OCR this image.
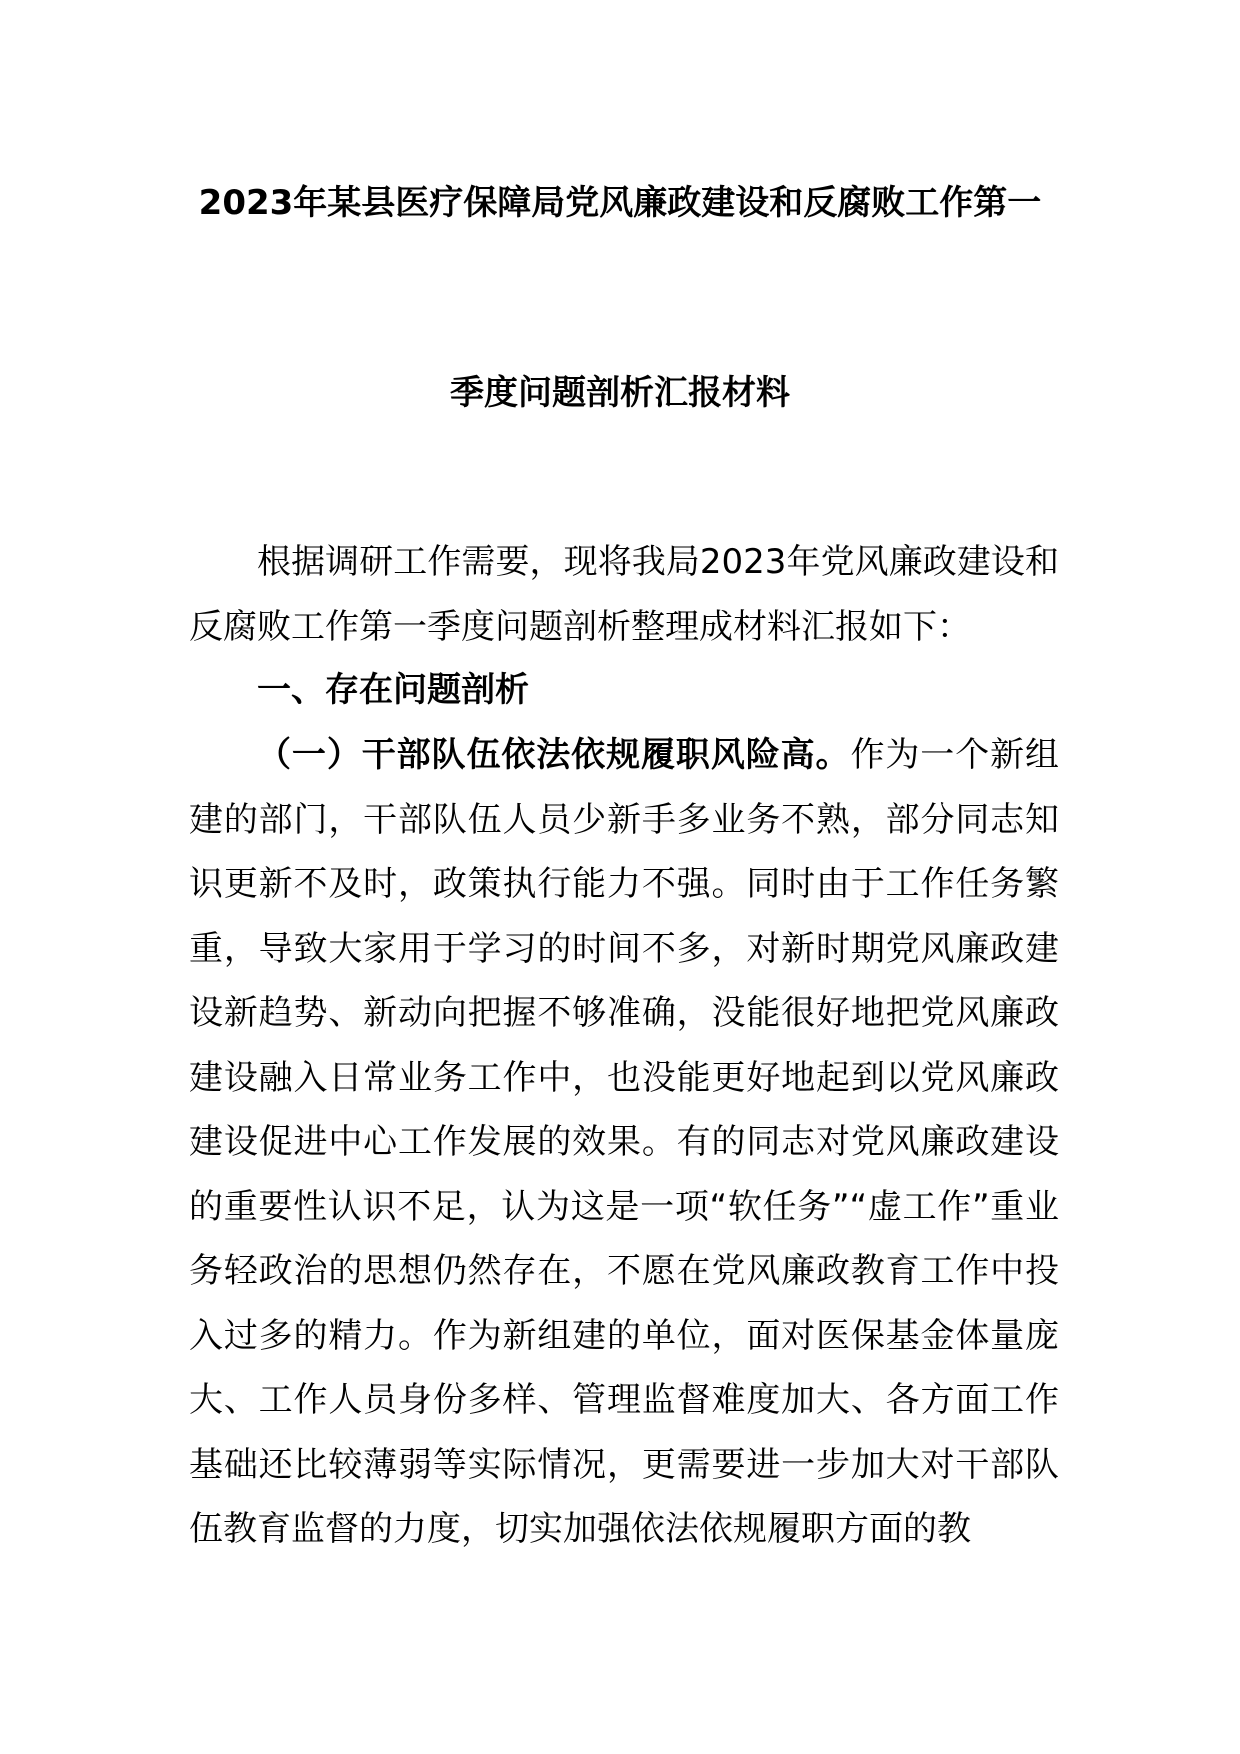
2023年某县医疗保障局党风廉政建设和反腐败工作第一
季度问题剖析汇报材料

根据调研工作需要，现将我局2023年党风廉政建设和反腐败工作第一季度问题剖析整理成材料汇报如下：

一、存在问题剖析

（一）干部队伍依法依规履职风险高。作为一个新组建的部门，干部队伍人员少新手多业务不熟，部分同志知识更新不及时，政策执行能力不强。同时由于工作任务繁重，导致大家用于学习的时间不多，对新时期党风廉政建设新趋势、新动向把握不够准确，没能很好地把党风廉政建设融入日常业务工作中，也没能更好地起到以党风廉政建设促进中心工作发展的效果。有的同志对党风廉政建设的重要性认识不足，认为这是一项“软任务”“虚工作”重业务轻政治的思想仍然存在，不愿在党风廉政教育工作中投入过多的精力。作为新组建的单位，面对医保基金体量庞大、工作人员身份多样、管理监督难度加大、各方面工作基础还比较薄弱等实际情况，更需要进一步加大对干部队伍教育监督的力度，切实加强依法依规履职方面的教
